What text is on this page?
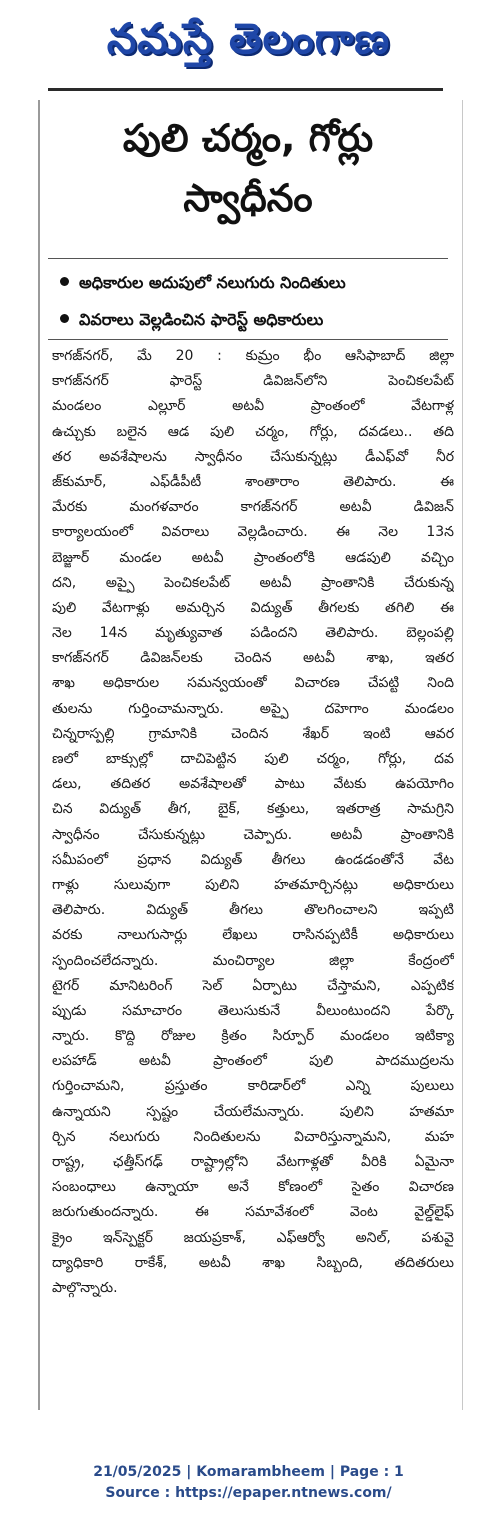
నమస్తే తెలంగాణ
పులి చర్మం, గోర్లు
స్వాధీనం
అధికారుల అదుపులో నలుగురు నిందితులు
వివరాలు వెల్లడించిన ఫారెస్ట్ అధికారులు
కాగజ్‌నగర్, మే 20 : కుమ్రం భీం ఆసిఫాబాద్ జిల్లా
కాగజ్‌నగర్ ఫారెస్ట్ డివిజన్‌లోని పెంచికలపేట్
మండలం ఎల్లూర్ అటవీ ప్రాంతంలో వేటగాళ్ల
ఉచ్చుకు బలైన ఆడ పులి చర్మం, గోర్లు, దవడలు.. తది
తర అవశేషాలను స్వాధీనం చేసుకున్నట్లు డీఎఫ్‌వో నీర
జ్‌కుమార్, ఎఫ్‌డీపీటీ శాంతారాం తెలిపారు. ఈ
మేరకు మంగళవారం కాగజ్‌నగర్ అటవీ డివిజన్
కార్యాలయంలో వివరాలు వెల్లడించారు. ఈ నెల 13న
బెజ్జూర్ మండల అటవీ ప్రాంతంలోకి ఆడపులి వచ్చిం
దని, అప్పై పెంచికలపేట్ అటవీ ప్రాంతానికి చేరుకున్న
పులి వేటగాళ్లు అమర్చిన విద్యుత్ తీగలకు తగిలి ఈ
నెల 14న మృత్యువాత పడిందని తెలిపారు. బెల్లంపల్లి
కాగజ్‌నగర్ డివిజన్‌లకు చెందిన అటవీ శాఖ, ఇతర
శాఖ అధికారుల సమన్వయంతో విచారణ చేపట్టి నింది
తులను గుర్తించామన్నారు. అప్పై దహెగాం మండలం
చిన్నరాస్పల్లి గ్రామానికి చెందిన శేఖర్ ఇంటి ఆవర
ణలో బాక్సుల్లో దాచిపెట్టిన పులి చర్మం, గోర్లు, దవ
డలు, తదితర అవశేషాలతో పాటు వేటకు ఉపయోగిం
చిన విద్యుత్ తీగ, బైక్, కత్తులు, ఇతరాత్ర సామగ్రిని
స్వాధీనం చేసుకున్నట్లు చెప్పారు. అటవీ ప్రాంతానికి
సమీపంలో ప్రధాన విద్యుత్ తీగలు ఉండడంతోనే వేట
గాళ్లు సులువుగా పులిని హతమార్చినట్లు అధికారులు
తెలిపారు. విద్యుత్ తీగలు తొలగించాలని ఇప్పటి
వరకు నాలుగుసార్లు లేఖలు రాసినప్పటికీ అధికారులు
స్పందించలేదన్నారు. మంచిర్యాల జిల్లా కేంద్రంలో
టైగర్ మానిటరింగ్ సెల్ ఏర్పాటు చేస్తామని, ఎప్పటిక
ప్పుడు సమాచారం తెలుసుకునే వీలుంటుందని పేర్కొ
న్నారు. కొద్ది రోజుల క్రితం సిర్పూర్ మండలం ఇటిక్యా
లపహాడ్ అటవీ ప్రాంతంలో పులి పాదముద్రలను
గుర్తించామని, ప్రస్తుతం కారిడార్‌లో ఎన్ని పులులు
ఉన్నాయని స్పష్టం చేయలేమన్నారు. పులిని హతమా
ర్చిన నలుగురు నిందితులను విచారిస్తున్నామని, మహ
రాష్ట్ర, ఛత్తీస్‌గఢ్ రాష్ట్రాల్లోని వేటగాళ్లతో వీరికి ఏమైనా
సంబంధాలు ఉన్నాయా అనే కోణంలో సైతం విచారణ
జరుగుతుందన్నారు. ఈ సమావేశంలో వెంట వైల్డ్‌లైఫ్
క్రైం ఇన్‌స్పెక్టర్ జయప్రకాశ్, ఎఫ్ఆర్వో అనిల్, పశువై
ద్యాధికారి రాకేశ్, అటవీ శాఖ సిబ్బంది, తదితరులు
పాల్గొన్నారు.
21/05/2025 | Komarambheem | Page : 1
Source : https://epaper.ntnews.com/
